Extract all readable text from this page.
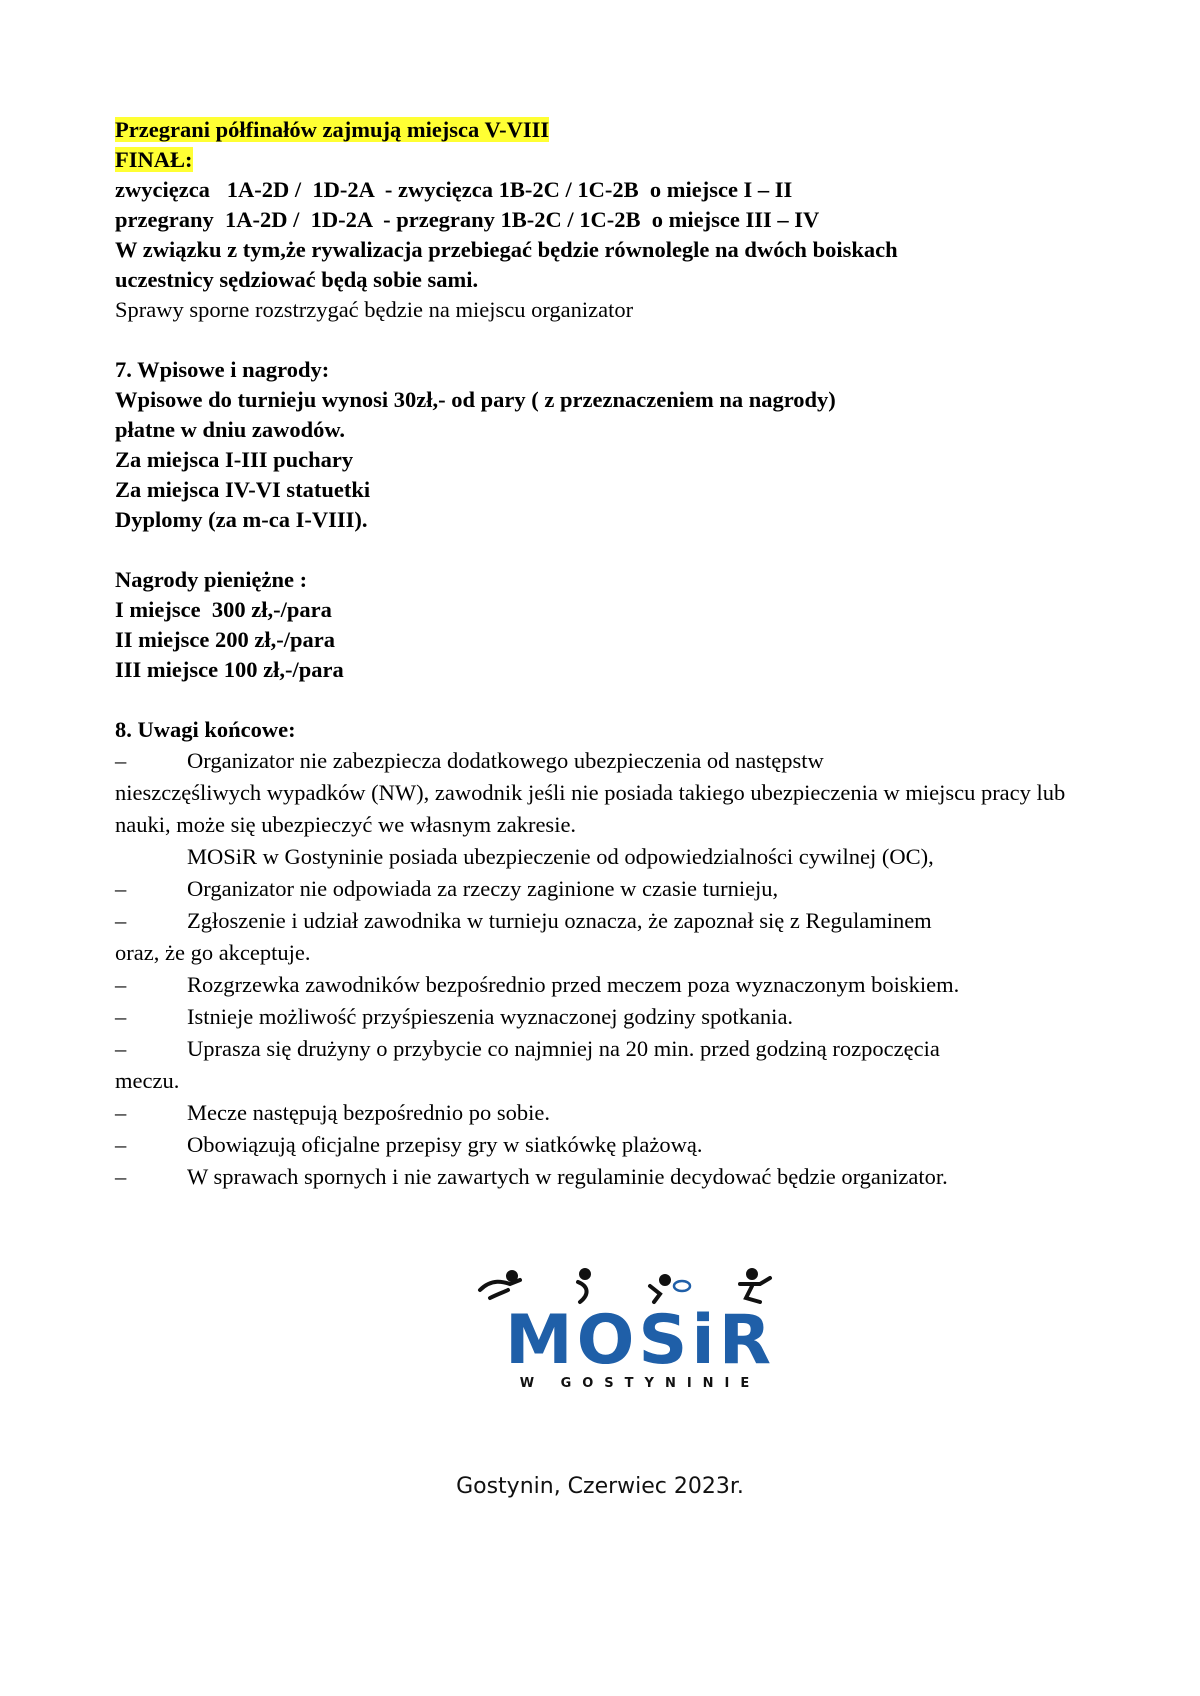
Przegrani półfinałów zajmują miejsca V-VIII
FINAŁ:
zwycięzca   1A-2D /  1D-2A  - zwycięzca 1B-2C / 1C-2B  o miejsce I – II
przegrany  1A-2D /  1D-2A  - przegrany 1B-2C / 1C-2B  o miejsce III – IV
W związku z tym,że rywalizacja przebiegać będzie równolegle na dwóch boiskach
uczestnicy sędziować będą sobie sami.
Sprawy sporne rozstrzygać będzie na miejscu organizator
7. Wpisowe i nagrody:
Wpisowe do turnieju wynosi 30zł,- od pary ( z przeznaczeniem na nagrody)
płatne w dniu zawodów.
Za miejsca I-III puchary
Za miejsca IV-VI statuetki
Dyplomy (za m-ca I-VIII).
Nagrody pieniężne :
I miejsce  300 zł,-/para
II miejsce 200 zł,-/para
III miejsce 100 zł,-/para
8. Uwagi końcowe:
–	Organizator nie zabezpiecza dodatkowego ubezpieczenia od następstw
nieszczęśliwych wypadków (NW), zawodnik jeśli nie posiada takiego ubezpieczenia w miejscu pracy lub nauki, może się ubezpieczyć we własnym zakresie.
MOSiR w Gostyninie posiada ubezpieczenie od odpowiedzialności cywilnej (OC),
–	Organizator nie odpowiada za rzeczy zaginione w czasie turnieju,
–	Zgłoszenie i udział zawodnika w turnieju oznacza, że zapoznał się z Regulaminem
oraz, że go akceptuje.
–	Rozgrzewka zawodników bezpośrednio przed meczem poza wyznaczonym boiskiem.
–	Istnieje możliwość przyśpieszenia wyznaczonej godziny spotkania.
–	Uprasza się drużyny o przybycie co najmniej na 20 min. przed godziną rozpoczęcia
meczu.
–	Mecze następują bezpośrednio po sobie.
–	Obowiązują oficjalne przepisy gry w siatkówkę plażową.
–	W sprawach spornych i nie zawartych w regulaminie decydować będzie organizator.
MOSiR
W GOSTYNINIE
Gostynin, Czerwiec 2023r.
